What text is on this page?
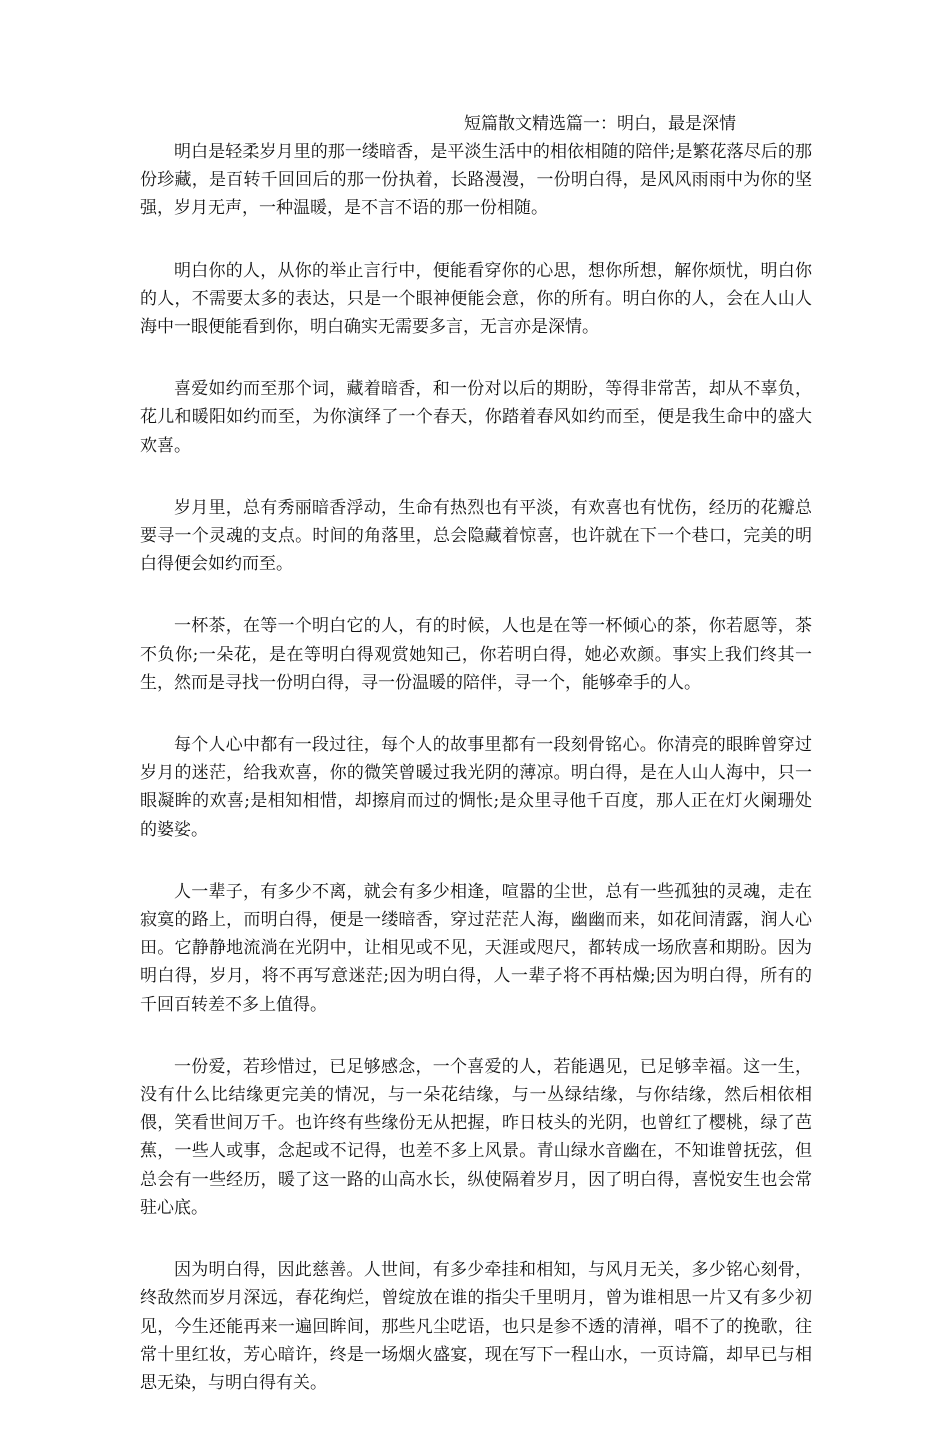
短篇散文精选篇一：明白，最是深情

明白是轻柔岁月里的那一缕暗香，是平淡生活中的相依相随的陪伴;是繁花落尽后的那份珍藏，是百转千回回后的那一份执着，长路漫漫，一份明白得，是风风雨雨中为你的坚强，岁月无声，一种温暖，是不言不语的那一份相随。

明白你的人，从你的举止言行中，便能看穿你的心思，想你所想，解你烦忧，明白你的人，不需要太多的表达，只是一个眼神便能会意，你的所有。明白你的人，会在人山人海中一眼便能看到你，明白确实无需要多言，无言亦是深情。

喜爱如约而至那个词，藏着暗香，和一份对以后的期盼，等得非常苦，却从不辜负，花儿和暖阳如约而至，为你演绎了一个春天，你踏着春风如约而至，便是我生命中的盛大欢喜。

岁月里，总有秀丽暗香浮动，生命有热烈也有平淡，有欢喜也有忧伤，经历的花瓣总要寻一个灵魂的支点。时间的角落里，总会隐藏着惊喜，也许就在下一个巷口，完美的明白得便会如约而至。

一杯茶，在等一个明白它的人，有的时候，人也是在等一杯倾心的茶，你若愿等，茶不负你;一朵花，是在等明白得观赏她知己，你若明白得，她必欢颜。事实上我们终其一生，然而是寻找一份明白得，寻一份温暖的陪伴，寻一个，能够牵手的人。

每个人心中都有一段过往，每个人的故事里都有一段刻骨铭心。你清亮的眼眸曾穿过岁月的迷茫，给我欢喜，你的微笑曾暖过我光阴的薄凉。明白得，是在人山人海中，只一眼凝眸的欢喜;是相知相惜，却擦肩而过的惆怅;是众里寻他千百度，那人正在灯火阑珊处的婆娑。

人一辈子，有多少不离，就会有多少相逢，喧嚣的尘世，总有一些孤独的灵魂，走在寂寞的路上，而明白得，便是一缕暗香，穿过茫茫人海，幽幽而来，如花间清露，润人心田。它静静地流淌在光阴中，让相见或不见，天涯或咫尺，都转成一场欣喜和期盼。因为明白得，岁月，将不再写意迷茫;因为明白得，人一辈子将不再枯燥;因为明白得，所有的千回百转差不多上值得。

一份爱，若珍惜过，已足够感念，一个喜爱的人，若能遇见，已足够幸福。这一生，没有什么比结缘更完美的情况，与一朵花结缘，与一丛绿结缘，与你结缘，然后相依相偎，笑看世间万千。也许终有些缘份无从把握，昨日枝头的光阴，也曾红了樱桃，绿了芭蕉，一些人或事，念起或不记得，也差不多上风景。青山绿水音幽在，不知谁曾抚弦，但总会有一些经历，暖了这一路的山高水长，纵使隔着岁月，因了明白得，喜悦安生也会常驻心底。

因为明白得，因此慈善。人世间，有多少牵挂和相知，与风月无关，多少铭心刻骨，终敌然而岁月深远，春花绚烂，曾绽放在谁的指尖千里明月，曾为谁相思一片又有多少初见，今生还能再来一遍回眸间，那些凡尘呓语，也只是参不透的清禅，唱不了的挽歌，往常十里红妆，芳心暗许，终是一场烟火盛宴，现在写下一程山水，一页诗篇，却早已与相思无染，与明白得有关。
